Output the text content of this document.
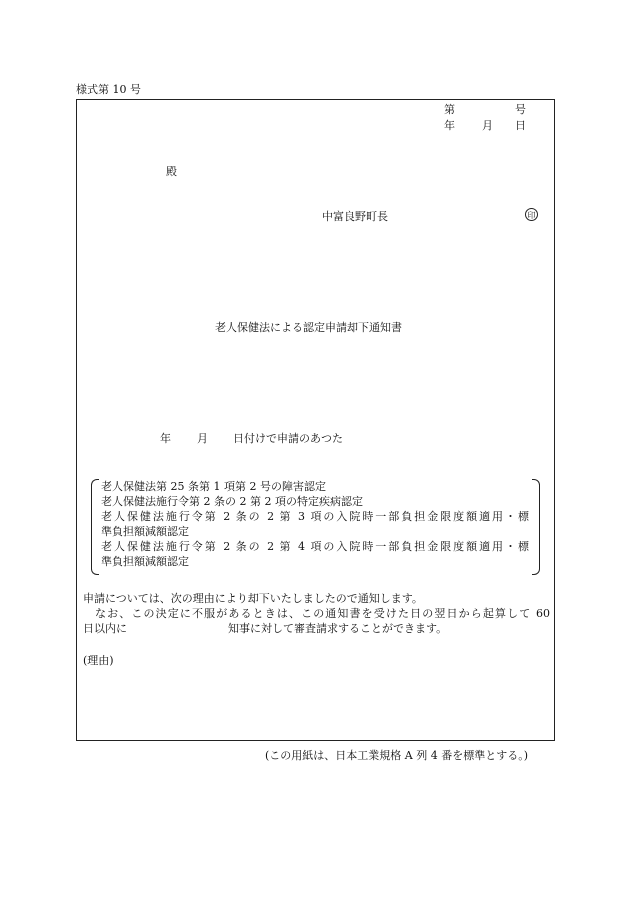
様式第 10 号
第	号
年 月 日
殿
中富良野町長	印
老人保健法による認定申請却下通知書
年 月 日付けで申請のあつた
老人保健法第 25 条第 1 項第 2 号の障害認定
老人保健法施行令第 2 条の 2 第 2 項の特定疾病認定
老人保健法施行令第 2 条の 2 第 3 項の入院時一部負担金限度額適用・標
準負担額減額認定
老人保健法施行令第 2 条の 2 第 4 項の入院時一部負担金限度額適用・標
準負担額減額認定
申請については、次の理由により却下いたしましたので通知します。
なお、この決定に不服があるときは、この通知書を受けた日の翌日から起算して 60
日以内に	知事に対して審査請求することができます。
(理由)
(この用紙は、日本工業規格 A 列 4 番を標準とする。)
